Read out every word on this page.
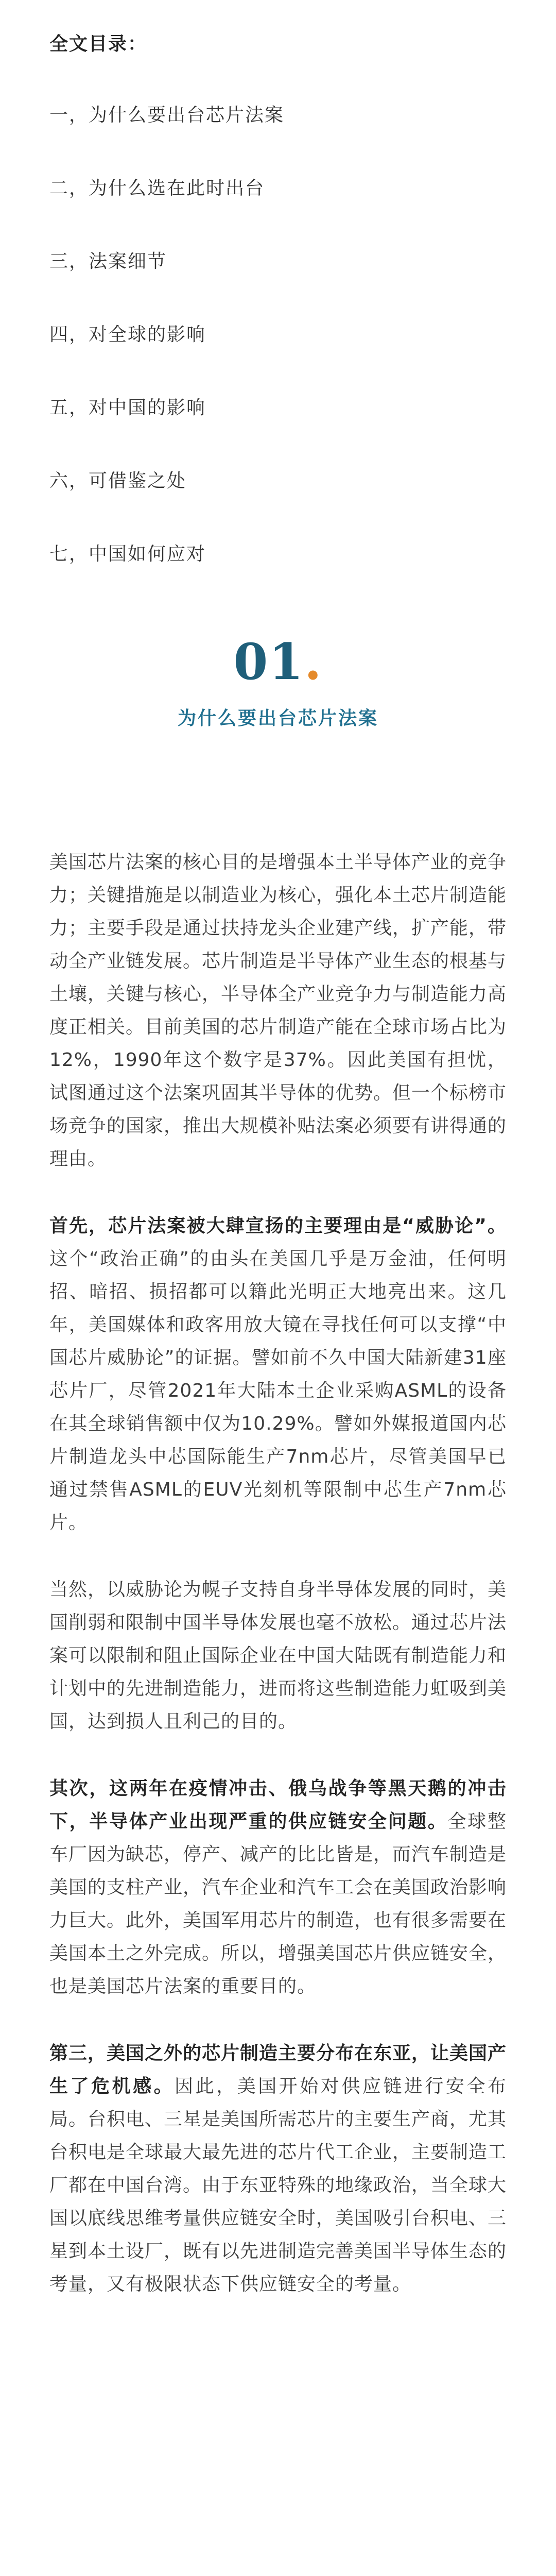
全文目录：
一，为什么要出台芯片法案
二，为什么选在此时出台
三，法案细节
四，对全球的影响
五，对中国的影响
六，可借鉴之处
七，中国如何应对
01.
为什么要出台芯片法案

美国芯片法案的核心目的是增强本土半导体产业的竞争力；关键措施是以制造业为核心，强化本土芯片制造能力；主要手段是通过扶持龙头企业建产线，扩产能，带动全产业链发展。芯片制造是半导体产业生态的根基与土壤，关键与核心，半导体全产业竞争力与制造能力高度正相关。目前美国的芯片制造产能在全球市场占比为12%，1990年这个数字是37%。因此美国有担忧，试图通过这个法案巩固其半导体的优势。但一个标榜市场竞争的国家，推出大规模补贴法案必须要有讲得通的理由。

首先，芯片法案被大肆宣扬的主要理由是“威胁论”。这个“政治正确”的由头在美国几乎是万金油，任何明招、暗招、损招都可以籍此光明正大地亮出来。这几年，美国媒体和政客用放大镜在寻找任何可以支撑“中国芯片威胁论”的证据。譬如前不久中国大陆新建31座芯片厂，尽管2021年大陆本土企业采购ASML的设备在其全球销售额中仅为10.29%。譬如外媒报道国内芯片制造龙头中芯国际能生产7nm芯片，尽管美国早已通过禁售ASML的EUV光刻机等限制中芯生产7nm芯片。

当然，以威胁论为幌子支持自身半导体发展的同时，美国削弱和限制中国半导体发展也毫不放松。通过芯片法案可以限制和阻止国际企业在中国大陆既有制造能力和计划中的先进制造能力，进而将这些制造能力虹吸到美国，达到损人且利己的目的。

其次，这两年在疫情冲击、俄乌战争等黑天鹅的冲击下，半导体产业出现严重的供应链安全问题。全球整车厂因为缺芯，停产、减产的比比皆是，而汽车制造是美国的支柱产业，汽车企业和汽车工会在美国政治影响力巨大。此外，美国军用芯片的制造，也有很多需要在美国本土之外完成。所以，增强美国芯片供应链安全，也是美国芯片法案的重要目的。

第三，美国之外的芯片制造主要分布在东亚，让美国产生了危机感。因此，美国开始对供应链进行安全布局。台积电、三星是美国所需芯片的主要生产商，尤其台积电是全球最大最先进的芯片代工企业，主要制造工厂都在中国台湾。由于东亚特殊的地缘政治，当全球大国以底线思维考量供应链安全时，美国吸引台积电、三星到本土设厂，既有以先进制造完善美国半导体生态的考量，又有极限状态下供应链安全的考量。
